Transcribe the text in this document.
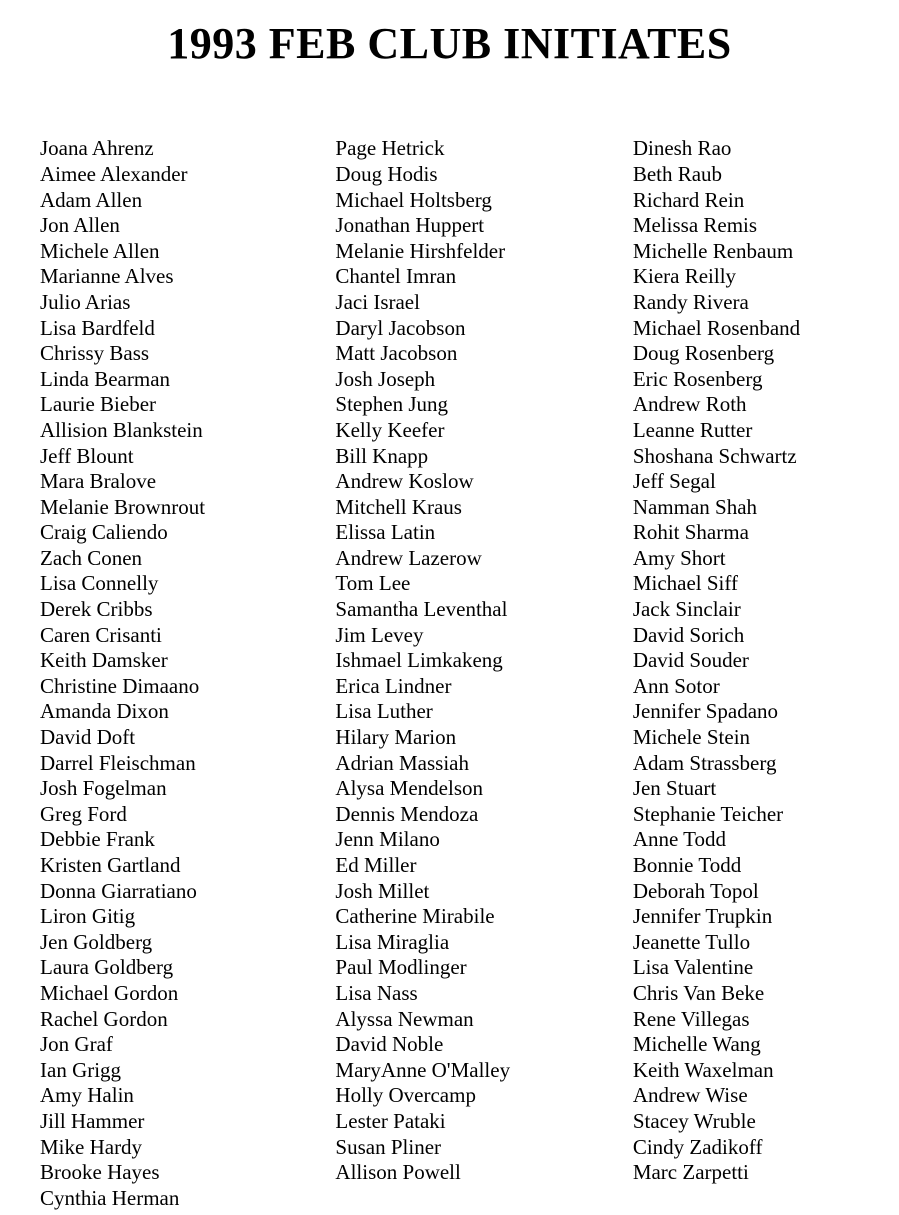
1993 FEB CLUB INITIATES
Joana Ahrenz
Aimee Alexander
Adam Allen
Jon Allen
Michele Allen
Marianne Alves
Julio Arias
Lisa Bardfeld
Chrissy Bass
Linda Bearman
Laurie Bieber
Allision Blankstein
Jeff Blount
Mara Bralove
Melanie Brownrout
Craig Caliendo
Zach Conen
Lisa Connelly
Derek Cribbs
Caren Crisanti
Keith Damsker
Christine Dimaano
Amanda Dixon
David Doft
Darrel Fleischman
Josh Fogelman
Greg Ford
Debbie Frank
Kristen Gartland
Donna Giarratiano
Liron Gitig
Jen Goldberg
Laura Goldberg
Michael Gordon
Rachel Gordon
Jon Graf
Ian Grigg
Amy Halin
Jill Hammer
Mike Hardy
Brooke Hayes
Cynthia Herman
Page Hetrick
Doug Hodis
Michael Holtsberg
Jonathan Huppert
Melanie Hirshfelder
Chantel Imran
Jaci Israel
Daryl Jacobson
Matt Jacobson
Josh Joseph
Stephen Jung
Kelly Keefer
Bill Knapp
Andrew Koslow
Mitchell Kraus
Elissa Latin
Andrew Lazerow
Tom Lee
Samantha Leventhal
Jim Levey
Ishmael Limkakeng
Erica Lindner
Lisa Luther
Hilary Marion
Adrian Massiah
Alysa Mendelson
Dennis Mendoza
Jenn Milano
Ed Miller
Josh Millet
Catherine Mirabile
Lisa Miraglia
Paul Modlinger
Lisa Nass
Alyssa Newman
David Noble
MaryAnne O'Malley
Holly Overcamp
Lester Pataki
Susan Pliner
Allison Powell
Dinesh Rao
Beth Raub
Richard Rein
Melissa Remis
Michelle Renbaum
Kiera Reilly
Randy Rivera
Michael Rosenband
Doug Rosenberg
Eric Rosenberg
Andrew Roth
Leanne Rutter
Shoshana Schwartz
Jeff Segal
Namman Shah
Rohit Sharma
Amy Short
Michael Siff
Jack Sinclair
David Sorich
David Souder
Ann Sotor
Jennifer Spadano
Michele Stein
Adam Strassberg
Jen Stuart
Stephanie Teicher
Anne Todd
Bonnie Todd
Deborah Topol
Jennifer Trupkin
Jeanette Tullo
Lisa Valentine
Chris Van Beke
Rene Villegas
Michelle Wang
Keith Waxelman
Andrew Wise
Stacey Wruble
Cindy Zadikoff
Marc Zarpetti
